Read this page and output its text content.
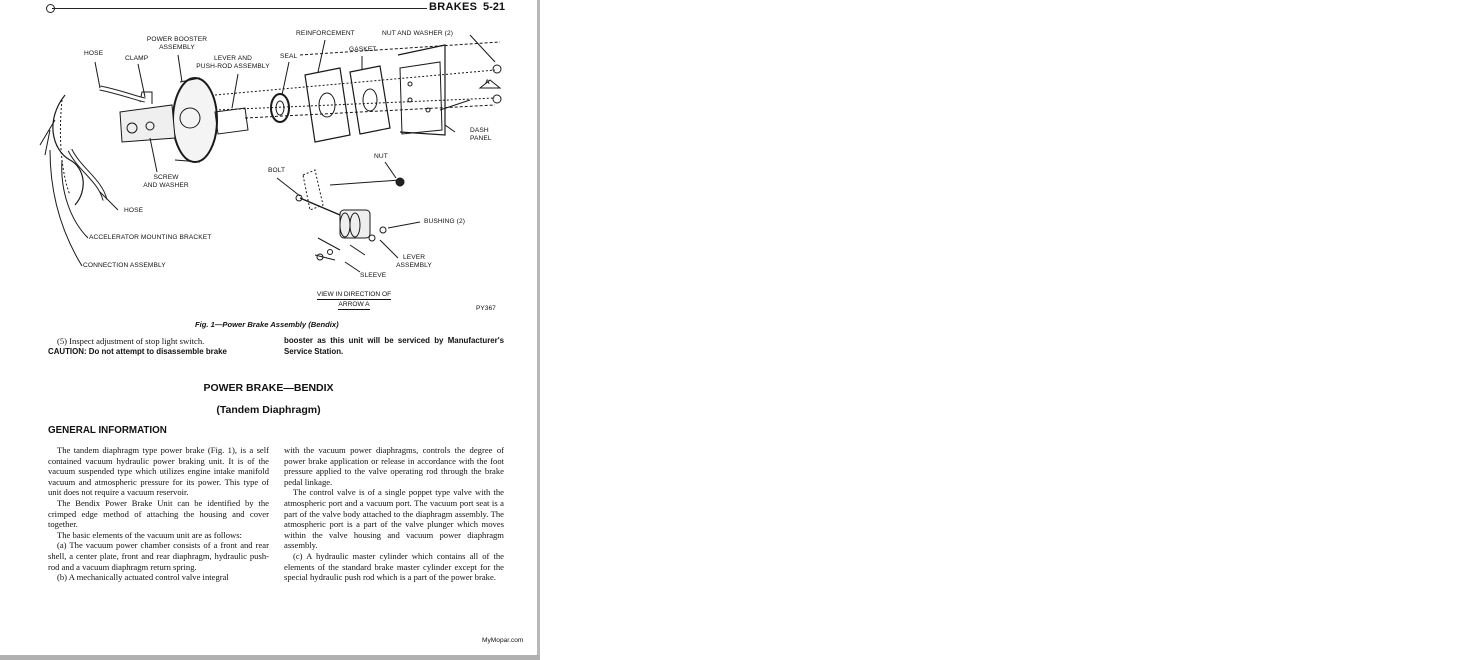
BRAKES 5-21
POWER BOOSTER
ASSEMBLY
HOSE
CLAMP	LEVER AND
PUSH-ROD ASSEMBLY
SEAL
REINFORCEMENT
GASKET
NUT AND WASHER (2)
DASH
PANEL
SCREW
AND WASHER
HOSE
ACCELERATOR MOUNTING BRACKET
CONNECTION ASSEMBLY
NUT
BOLT
BUSHING (2)
LEVER
ASSEMBLY
SLEEVE
A
VIEW IN DIRECTION OF
ARROW A
PY367
Fig. 1—Power Brake Assembly (Bendix)

(5) Inspect adjustment of stop light switch.

CAUTION: Do not attempt to disassemble brake

booster as this unit will be serviced by Manufacturer's Service Station.
POWER BRAKE—BENDIX
(Tandem Diaphragm)
GENERAL INFORMATION

The tandem diaphragm type power brake (Fig. 1), is a self contained vacuum hydraulic power braking unit. It is of the vacuum suspended type which utilizes engine intake manifold vacuum and atmospheric pressure for its power. This type of unit does not require a vacuum reservoir.

The Bendix Power Brake Unit can be identified by the crimped edge method of attaching the housing and cover together.

The basic elements of the vacuum unit are as follows:

(a) The vacuum power chamber consists of a front and rear shell, a center plate, front and rear diaphragm, hydraulic push-rod and a vacuum diaphragm return spring.

(b) A mechanically actuated control valve integral

with the vacuum power diaphragms, controls the degree of power brake application or release in accordance with the foot pressure applied to the valve operating rod through the brake pedal linkage.

The control valve is of a single poppet type valve with the atmospheric port and a vacuum port. The vacuum port seat is a part of the valve body attached to the diaphragm assembly. The atmospheric port is a part of the valve plunger which moves within the valve housing and vacuum power diaphragm assembly.

(c) A hydraulic master cylinder which contains all of the elements of the standard brake master cylinder except for the special hydraulic push rod which is a part of the power brake.

MyMopar.com
